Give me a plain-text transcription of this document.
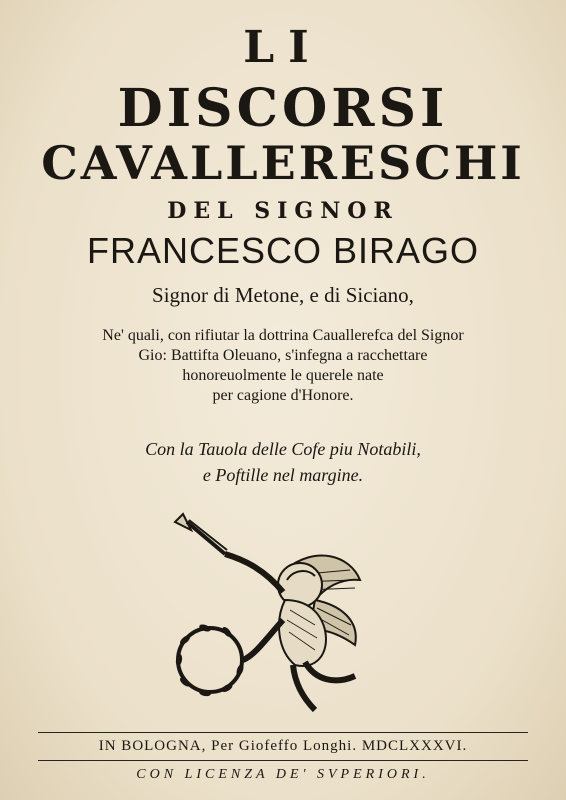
LI
DISCORSI
CAVALLERESCHI
DEL SIGNOR
FRANCESCO BIRAGO
Signor di Metone, e di Siciano,
Ne' quali, con rifiutar la dottrina Cauallerefca del Signor
Gio: Battifta Oleuano, s'infegna a racchettare
honoreuolmente le querele nate
per cagione d'Honore.
Con la Tauola delle Cofe piu Notabili,
e Poftille nel margine.
IN BOLOGNA, Per Giofeffo Longhi. MDCLXXXVI.
CON LICENZA DE' SVPERIORI.
